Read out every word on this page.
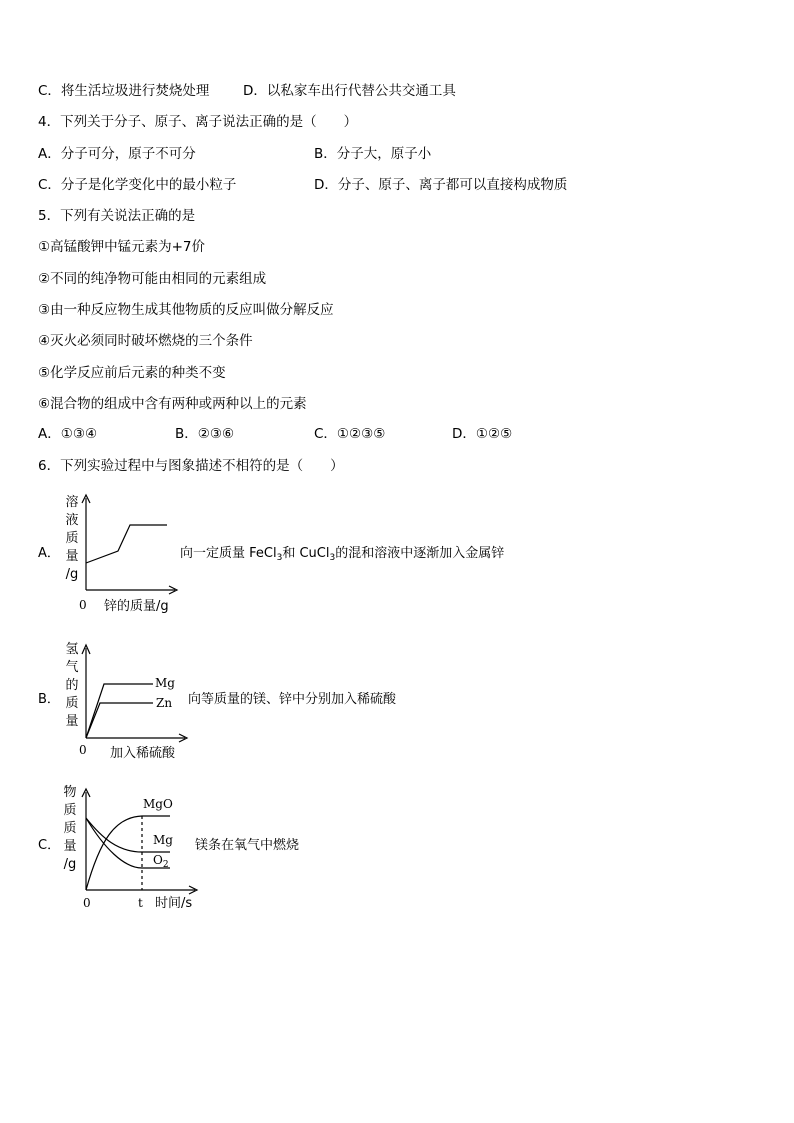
C．将生活垃圾进行焚烧处理 D．以私家车出行代替公共交通工具
4．下列关于分子、原子、离子说法正确的是（　　）
A．分子可分，原子不可分	B．分子大，原子小
C．分子是化学变化中的最小粒子	D．分子、原子、离子都可以直接构成物质
5．下列有关说法正确的是
①高锰酸钾中锰元素为+7价
②不同的纯净物可能由相同的元素组成
③由一种反应物生成其他物质的反应叫做分解反应
④灭火必须同时破坏燃烧的三个条件
⑤化学反应前后元素的种类不变
⑥混合物的组成中含有两种或两种以上的元素
A．①③④	B．②③⑥	C．①②③⑤	D．①②⑤
6．下列实验过程中与图象描述不相符的是（　　）
A．
溶
液
质
量
/g
0 锌的质量/g
向一定质量 FeCl$_3$和 CuCl$_3$的混和溶液中逐渐加入金属锌
B．
氢
气
的
质
量
Mg
Zn
0 加入稀硫酸
向等质量的镁、锌中分别加入稀硫酸
C．
物
质
质
量
/g
MgO
Mg
$O_2$
0	t 时间/s
镁条在氧气中燃烧
